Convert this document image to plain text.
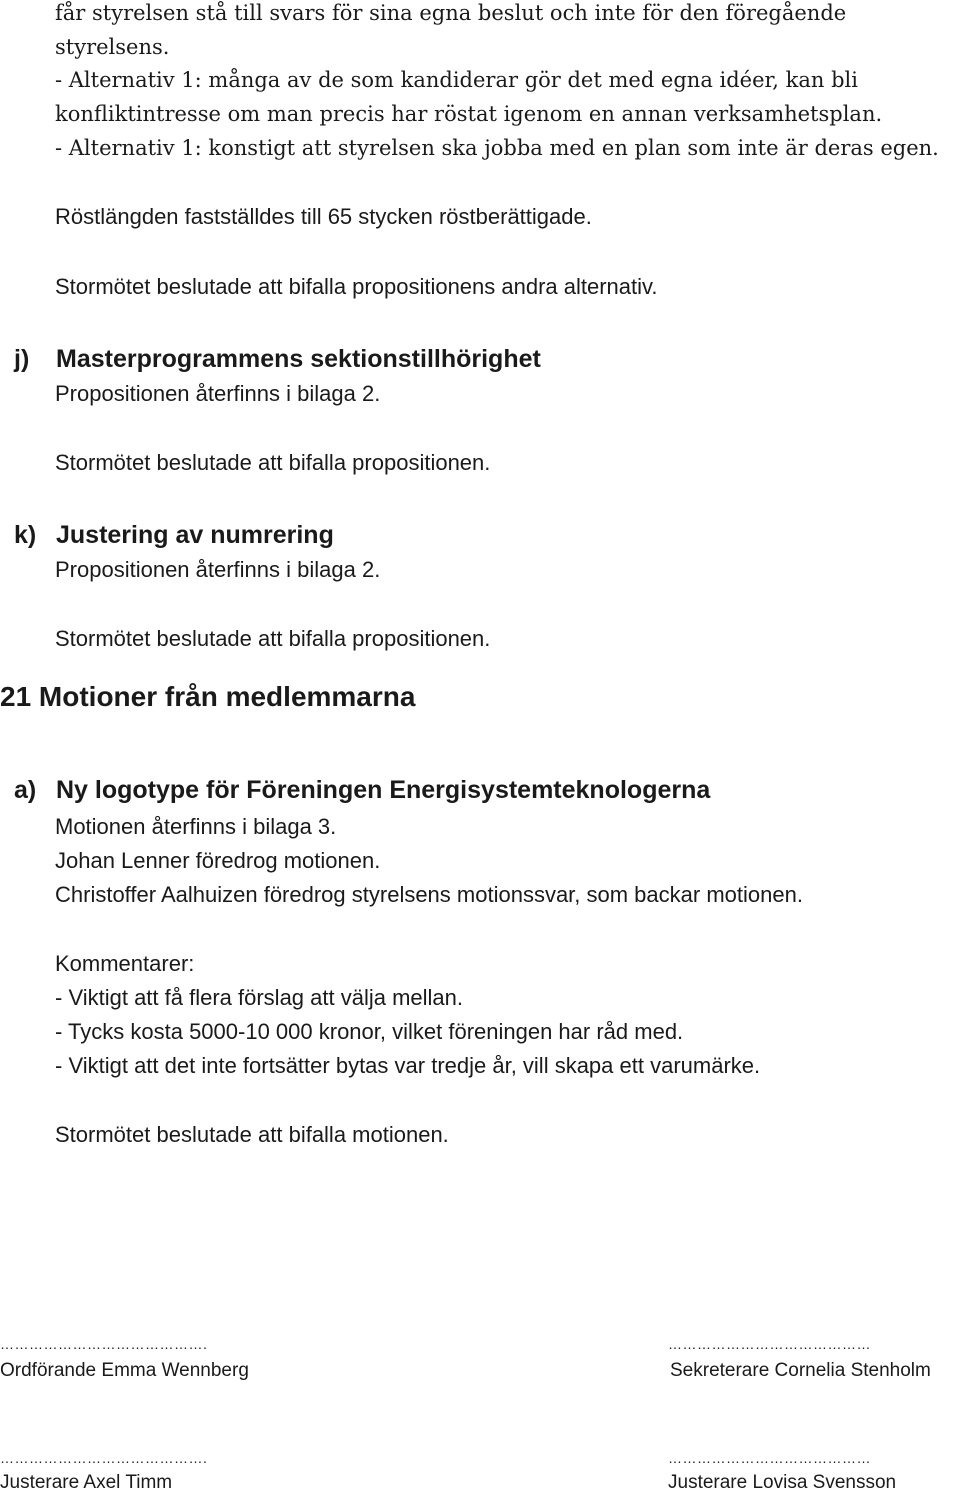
får styrelsen stå till svars för sina egna beslut och inte för den föregående
styrelsens.
- Alternativ 1: många av de som kandiderar gör det med egna idéer, kan bli
konfliktintresse om man precis har röstat igenom en annan verksamhetsplan.
- Alternativ 1: konstigt att styrelsen ska jobba med en plan som inte är deras egen.
Röstlängden fastställdes till 65 stycken röstberättigade.
Stormötet beslutade att bifalla propositionens andra alternativ.
j) Masterprogrammens sektionstillhörighet
Propositionen återfinns i bilaga 2.
Stormötet beslutade att bifalla propositionen.
k) Justering av numrering
Propositionen återfinns i bilaga 2.
Stormötet beslutade att bifalla propositionen.
21 Motioner från medlemmarna
a) Ny logotype för Föreningen Energisystemteknologerna
Motionen återfinns i bilaga 3.
Johan Lenner föredrog motionen.
Christoffer Aalhuizen föredrog styrelsens motionssvar, som backar motionen.
Kommentarer:
- Viktigt att få flera förslag att välja mellan.
- Tycks kosta 5000-10 000 kronor, vilket föreningen har råd med.
- Viktigt att det inte fortsätter bytas var tredje år, vill skapa ett varumärke.
Stormötet beslutade att bifalla motionen.
…………………………………….	……………………………………
Ordförande Emma Wennberg	Sekreterare Cornelia Stenholm
…………………………………….	……………………………………
Justerare Axel Timm	Justerare Lovisa Svensson
